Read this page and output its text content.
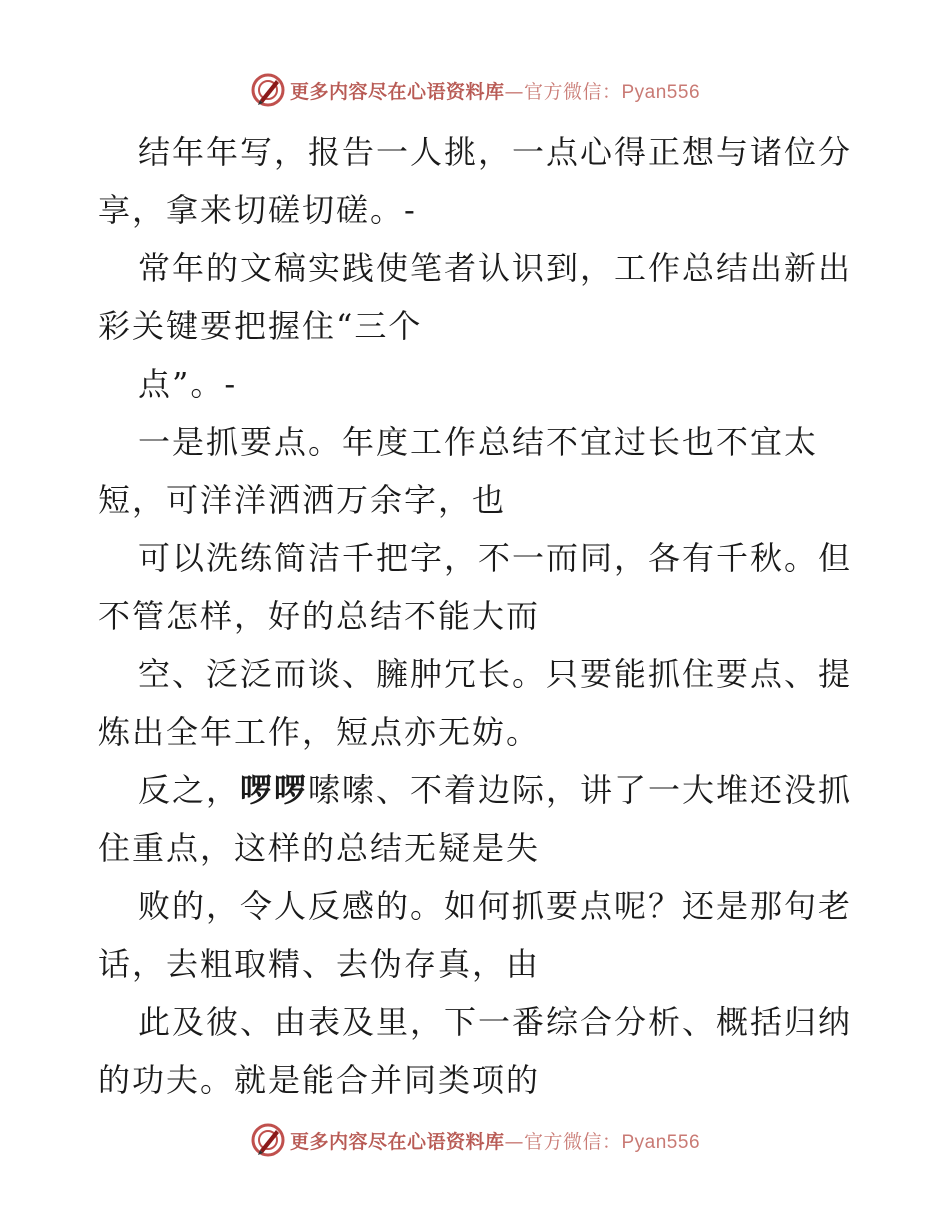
更多内容尽在心语资料库—官方微信：Pyan556
结年年写，报告一人挑，一点心得正想与诸位分
享，拿来切磋切磋。-
常年的文稿实践使笔者认识到，工作总结出新出
彩关键要把握住“三个
点”。-
一是抓要点。年度工作总结不宜过长也不宜太
短，可洋洋洒洒万余字，也
可以洗练简洁千把字，不一而同，各有千秋。但
不管怎样，好的总结不能大而
空、泛泛而谈、臃肿冗长。只要能抓住要点、提
炼出全年工作，短点亦无妨。
反之，啰啰嗦嗦、不着边际，讲了一大堆还没抓
住重点，这样的总结无疑是失
败的，令人反感的。如何抓要点呢？还是那句老
话，去粗取精、去伪存真，由
此及彼、由表及里，下一番综合分析、概括归纳
的功夫。就是能合并同类项的
更多内容尽在心语资料库—官方微信：Pyan556
